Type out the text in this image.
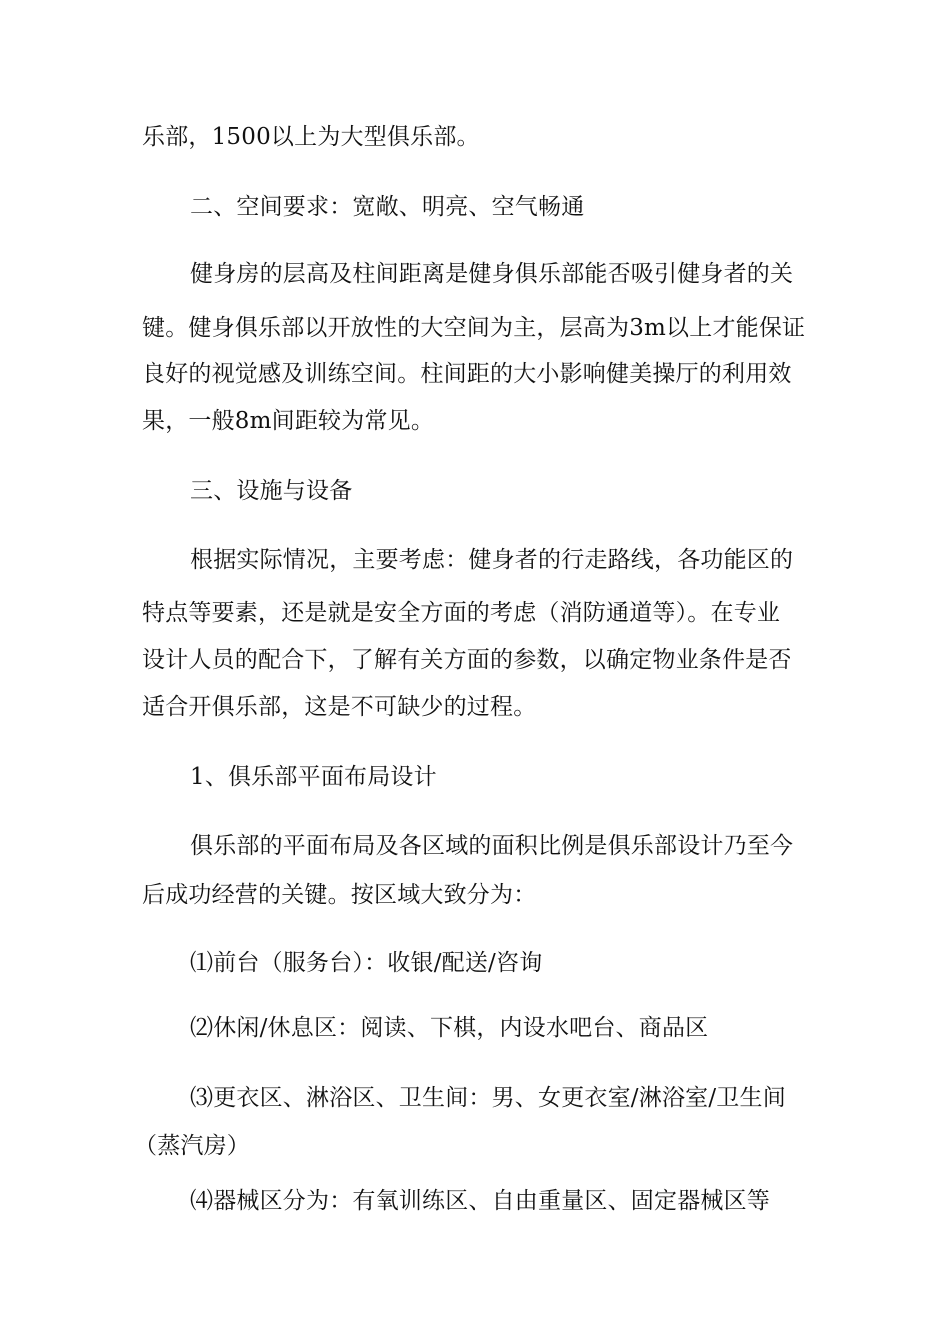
乐部，1500以上为大型俱乐部。
二、空间要求：宽敞、明亮、空气畅通
健身房的层高及柱间距离是健身俱乐部能否吸引健身者的关
键。健身俱乐部以开放性的大空间为主，层高为3m以上才能保证
良好的视觉感及训练空间。柱间距的大小影响健美操厅的利用效
果，一般8m间距较为常见。
三、设施与设备
根据实际情况，主要考虑：健身者的行走路线，各功能区的
特点等要素，还是就是安全方面的考虑（消防通道等）。在专业
设计人员的配合下，了解有关方面的参数，以确定物业条件是否
适合开俱乐部，这是不可缺少的过程。
1、俱乐部平面布局设计
俱乐部的平面布局及各区域的面积比例是俱乐部设计乃至今
后成功经营的关键。按区域大致分为：
⑴前台（服务台）：收银/配送/咨询
⑵休闲/休息区：阅读、下棋，内设水吧台、商品区
⑶更衣区、淋浴区、卫生间：男、女更衣室/淋浴室/卫生间
（蒸汽房）
⑷器械区分为：有氧训练区、自由重量区、固定器械区等
